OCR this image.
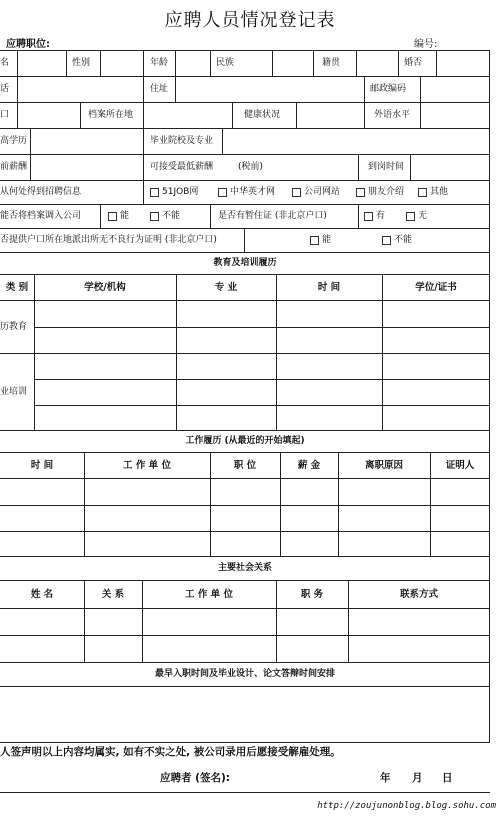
应聘人员情况登记表
应聘职位:	编号:
名	性别	年龄	民族	籍贯	婚否
话	住址	邮政编码
口	档案所在地	健康状况	外语水平
高学历	毕业院校及专业
前薪酬	可接受最低薪酬	(税前)	到岗时间
从何处得到招聘信息	51JOB网	中华英才网	公司网站	朋友介绍	其他
能否将档案调入公司	能	不能	是否有暂住证 (非北京户口)	有	无
否提供户口所在地派出所无不良行为证明 (非北京户口)	能	不能
教育及培训履历
类 别	学校/机构	专 业	时 间	学位/证书
历教育
业培训
工作履历 (从最近的开始填起)
时 间	工 作 单 位	职 位	薪 金	离职原因	证明人
主要社会关系
姓 名	关 系	工 作 单 位	职 务	联系方式
最早入职时间及毕业设计、论文答辩时间安排
人签声明以上内容均属实, 如有不实之处, 被公司录用后愿接受解雇处理。
应聘者 (签名):	年 月 日
http://zoujunonblog.blog.sohu.com
